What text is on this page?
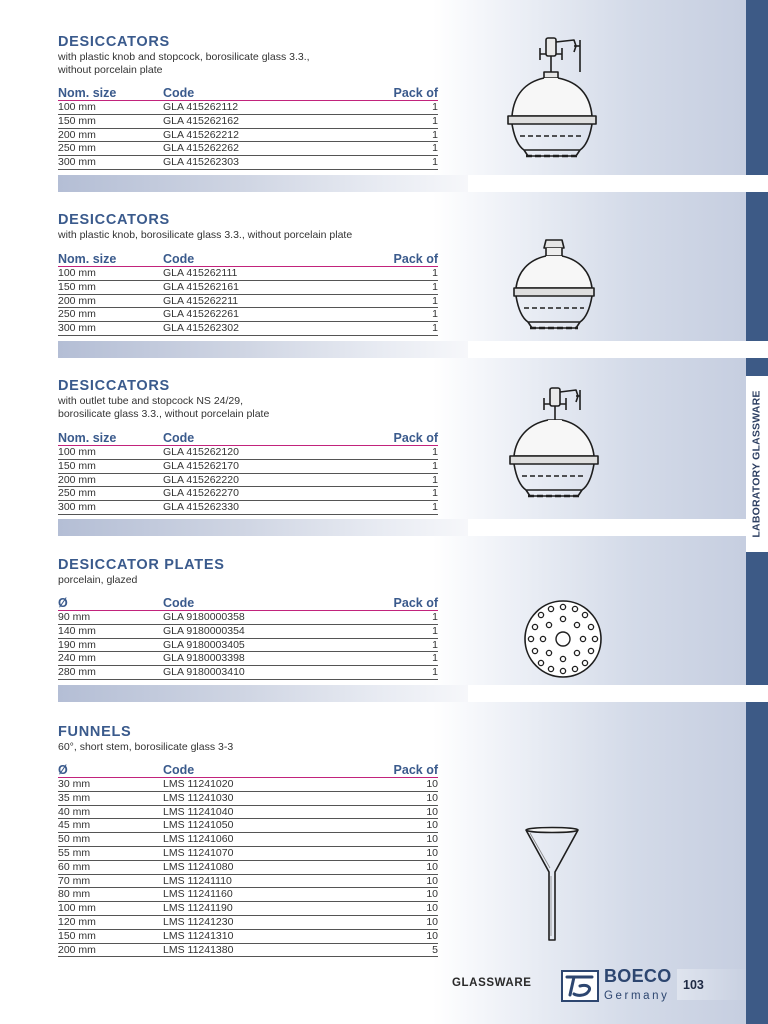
LABORATORY GLASSWARE
DESICCATORS
with plastic knob and stopcock, borosilicate glass 3.3.,
without porcelain plate
Nom. size	Code	Pack of
100 mm	GLA 415262112	1
150 mm	GLA 415262162	1
200 mm	GLA 415262212	1
250 mm	GLA 415262262	1
300 mm	GLA 415262303	1
DESICCATORS
with plastic knob, borosilicate glass 3.3., without porcelain plate
Nom. size	Code	Pack of
100 mm	GLA 415262111	1
150 mm	GLA 415262161	1
200 mm	GLA 415262211	1
250 mm	GLA 415262261	1
300 mm	GLA 415262302	1
DESICCATORS
with outlet tube and stopcock NS 24/29,
borosilicate glass 3.3., without porcelain plate
Nom. size	Code	Pack of
100 mm	GLA 415262120	1
150 mm	GLA 415262170	1
200 mm	GLA 415262220	1
250 mm	GLA 415262270	1
300 mm	GLA 415262330	1
DESICCATOR PLATES
porcelain, glazed
Ø	Code	Pack of
90 mm	GLA 9180000358	1
140 mm	GLA 9180000354	1
190 mm	GLA 9180003405	1
240 mm	GLA 9180003398	1
280 mm	GLA 9180003410	1
FUNNELS
60°, short stem, borosilicate glass 3-3
Ø	Code	Pack of
30 mm	LMS 11241020	10
35 mm	LMS 11241030	10
40 mm	LMS 11241040	10
45 mm	LMS 11241050	10
50 mm	LMS 11241060	10
55 mm	LMS 11241070	10
60 mm	LMS 11241080	10
70 mm	LMS 11241110	10
80 mm	LMS 11241160	10
100 mm	LMS 11241190	10
120 mm	LMS 11241230	10
150 mm	LMS 11241310	10
200 mm	LMS 11241380	5
GLASSWARE	BOECO
Germany
103
